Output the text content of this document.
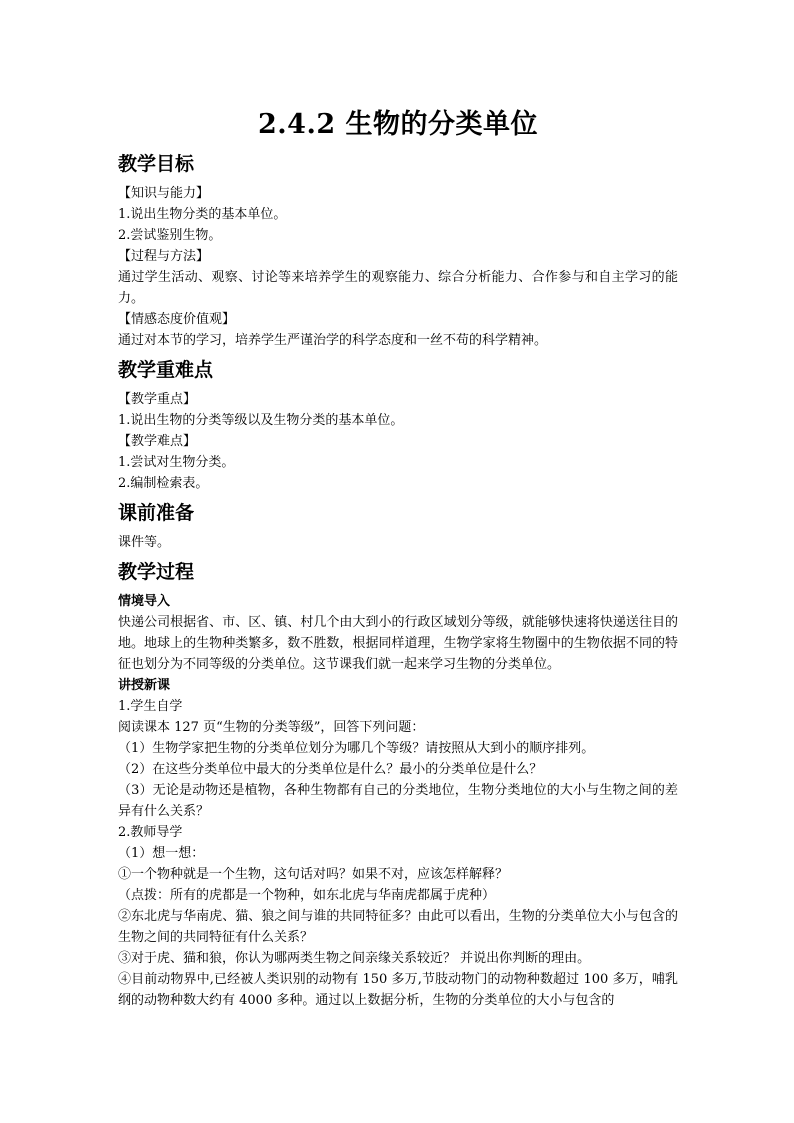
2.4.2 生物的分类单位
教学目标

【知识与能力】

1.说出生物分类的基本单位。

2.尝试鉴别生物。

【过程与方法】

通过学生活动、观察、讨论等来培养学生的观察能力、综合分析能力、合作参与和自主学习的能力。

【情感态度价值观】

通过对本节的学习，培养学生严谨治学的科学态度和一丝不苟的科学精神。

教学重难点

【教学重点】

1.说出生物的分类等级以及生物分类的基本单位。

【教学难点】

1.尝试对生物分类。

2.编制检索表。

课前准备

课件等。

教学过程

情境导入

快递公司根据省、市、区、镇、村几个由大到小的行政区域划分等级，就能够快速将快递送往目的地。地球上的生物种类繁多，数不胜数，根据同样道理，生物学家将生物圈中的生物依据不同的特征也划分为不同等级的分类单位。这节课我们就一起来学习生物的分类单位。

讲授新课

1.学生自学

阅读课本 127 页“生物的分类等级”，回答下列问题：

（1）生物学家把生物的分类单位划分为哪几个等级？请按照从大到小的顺序排列。

（2）在这些分类单位中最大的分类单位是什么？最小的分类单位是什么？

（3）无论是动物还是植物，各种生物都有自己的分类地位，生物分类地位的大小与生物之间的差异有什么关系？

2.教师导学

（1）想一想：

①一个物种就是一个生物，这句话对吗？如果不对，应该怎样解释？

（点拨：所有的虎都是一个物种，如东北虎与华南虎都属于虎种）

②东北虎与华南虎、猫、狼之间与谁的共同特征多？由此可以看出，生物的分类单位大小与包含的生物之间的共同特征有什么关系？

③对于虎、猫和狼，你认为哪两类生物之间亲缘关系较近？ 并说出你判断的理由。

④目前动物界中,已经被人类识别的动物有 150 多万,节肢动物门的动物种数超过 100 多万，哺乳纲的动物种数大约有 4000 多种。通过以上数据分析，生物的分类单位的大小与包含的
